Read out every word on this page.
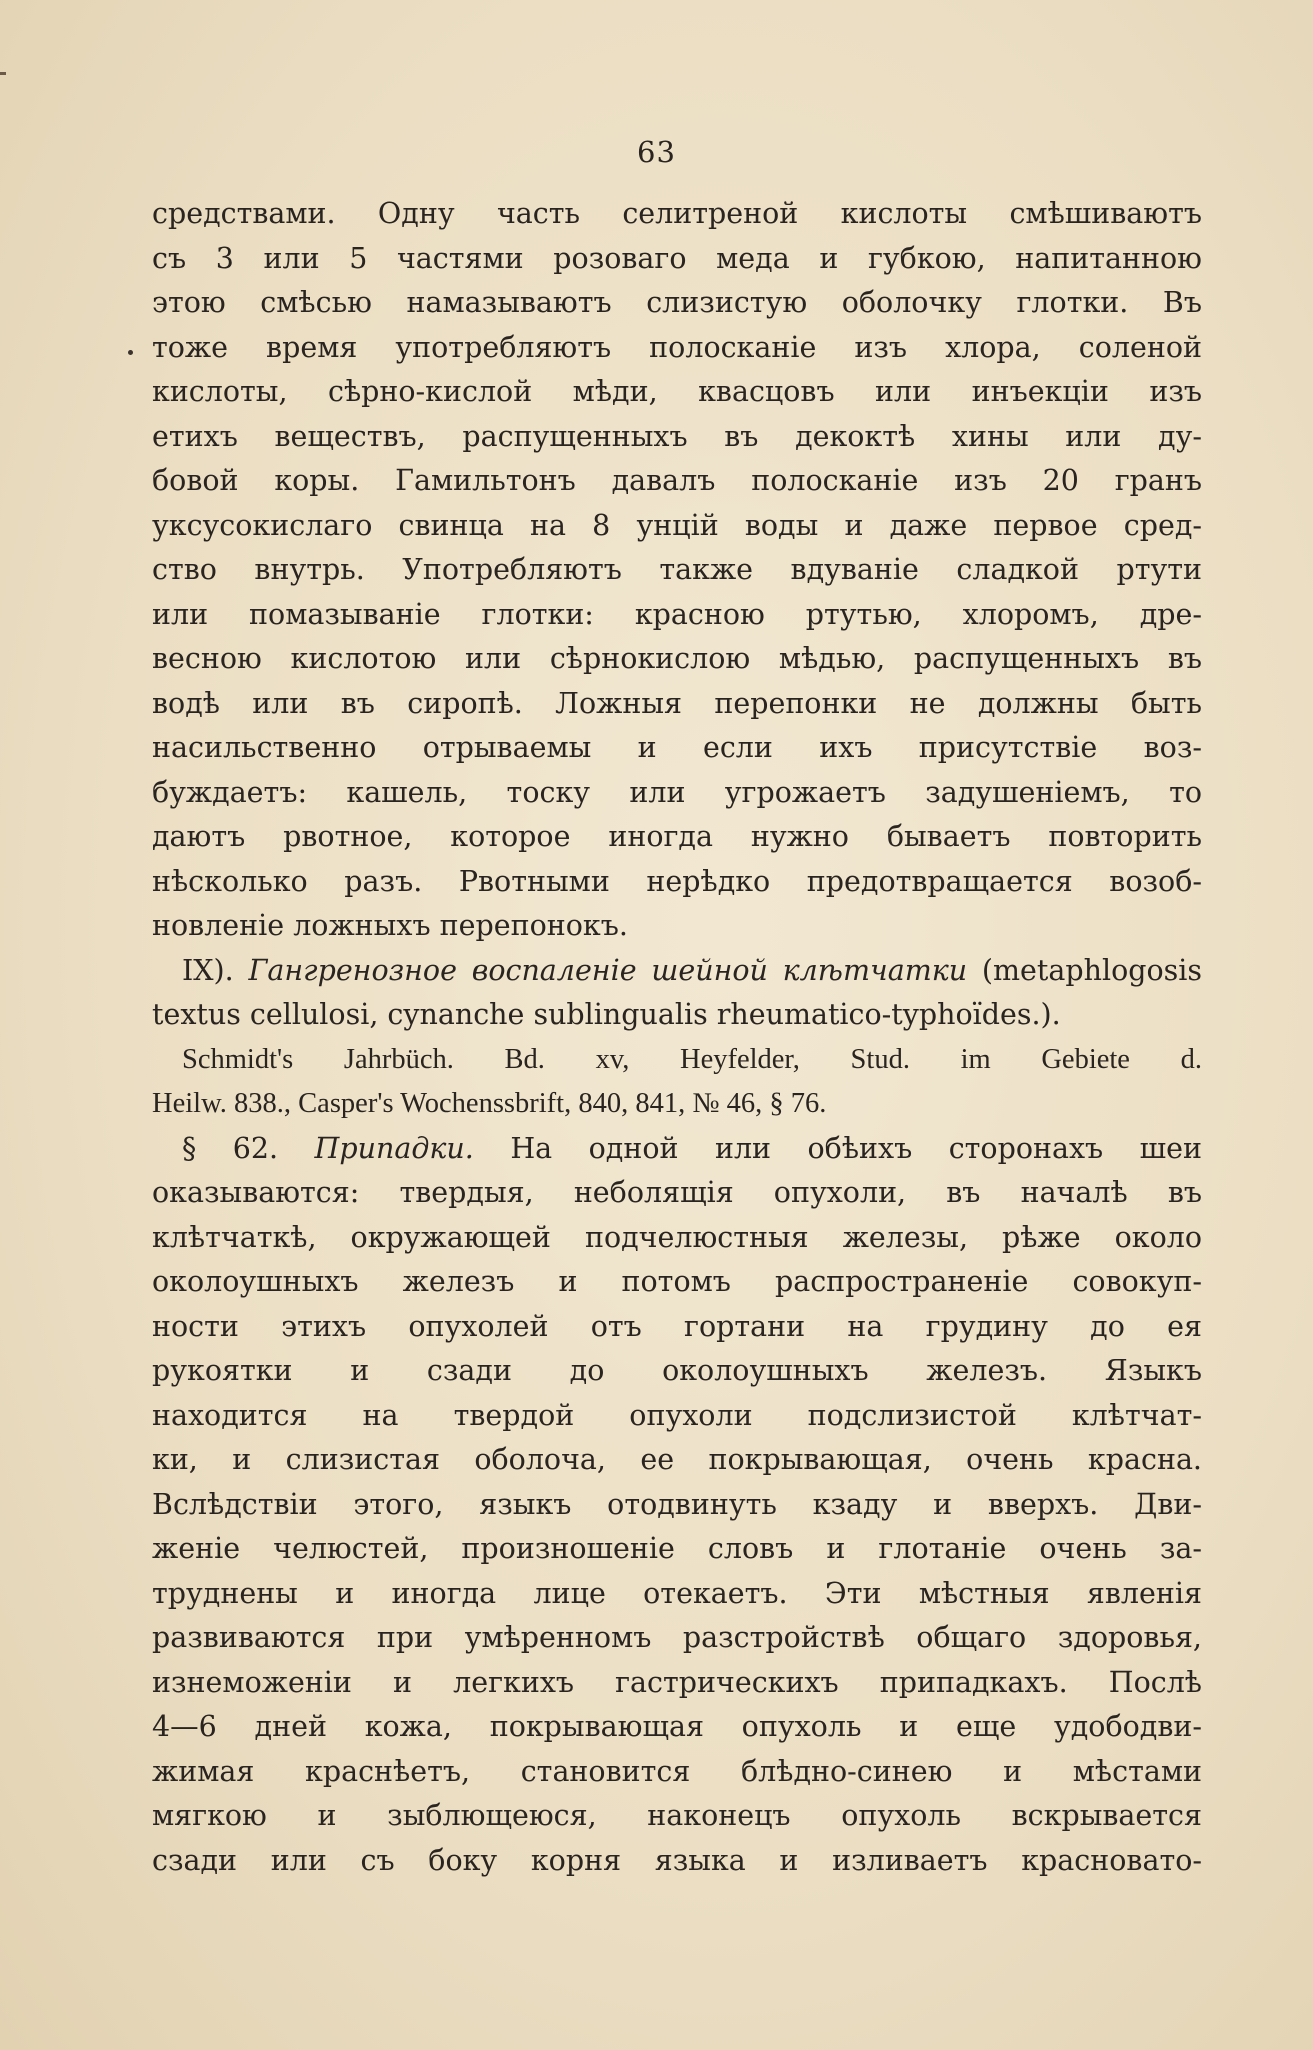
63
средствами. Одну часть селитреной кислоты смѣшиваютъ
съ 3 или 5 частями розоваго меда и губкою, напитанною
этою смѣсью намазываютъ слизистую оболочку глотки. Въ
тоже время употребляютъ полосканіе изъ хлора, соленой
кислоты, сѣрно-кислой мѣди, квасцовъ или инъекціи изъ
етихъ веществъ, распущенныхъ въ декоктѣ хины или ду-
бовой коры. Гамильтонъ давалъ полосканіе изъ 20 гранъ
уксусокислаго свинца на 8 унцій воды и даже первое сред-
ство внутрь. Употребляютъ также вдуваніе сладкой ртути
или помазываніе глотки: красною ртутью, хлоромъ, дре-
весною кислотою или сѣрнокислою мѣдью, распущенныхъ въ
водѣ или въ сиропѣ. Ложныя перепонки не должны быть
насильственно отрываемы и если ихъ присутствіе воз-
буждаетъ: кашель, тоску или угрожаетъ задушеніемъ, то
даютъ рвотное, которое иногда нужно бываетъ повторить
нѣсколько разъ. Рвотными нерѣдко предотвращается возоб-
новленіе ложныхъ перепонокъ.
IX). Гангренозное воспаленіе шейной клѣтчатки (metaphlogosis
textus cellulosi, cynanche sublingualis rheumatico-typhoïdes.).
Schmidt's Jahrbüch. Bd. xv, Heyfelder, Stud. im Gebiete d.
Heilw. 838., Casper's Wochenssbrift, 840, 841, № 46, § 76.
§ 62. Припадки. На одной или обѣихъ сторонахъ шеи
оказываются: твердыя, неболящія опухоли, въ началѣ въ
клѣтчаткѣ, окружающей подчелюстныя железы, рѣже около
околоушныхъ железъ и потомъ распространеніе совокуп-
ности этихъ опухолей отъ гортани на грудину до ея
рукоятки и сзади до околоушныхъ железъ. Языкъ
находится на твердой опухоли подслизистой клѣтчат-
ки, и слизистая оболоча, ее покрывающая, очень красна.
Вслѣдствіи этого, языкъ отодвинуть кзаду и вверхъ. Дви-
женіе челюстей, произношеніе словъ и глотаніе очень за-
труднены и иногда лице отекаетъ. Эти мѣстныя явленія
развиваются при умѣренномъ разстройствѣ общаго здоровья,
изнеможеніи и легкихъ гастрическихъ припадкахъ. Послѣ
4—6 дней кожа, покрывающая опухоль и еще удободви-
жимая краснѣетъ, становится блѣдно-синею и мѣстами
мягкою и зыблющеюся, наконецъ опухоль вскрывается
сзади или съ боку корня языка и изливаетъ красновато-
